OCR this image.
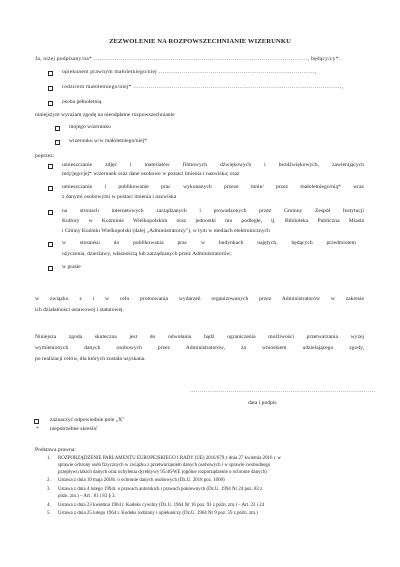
ZEZWOLENIE NA ROZPOWSZECHNIANIE WIZERUNKU
Ja, niżej podpisany/na* …………………………………………………………………………………………………, będący/cy*:
opiekunem prawnym małoletniego/niej ………………………………………………………………………,
rodzicem małoletniego/niej* ………………………………………………………………………………………………,
osoba pełnoletnią
niniejszym wyrażam zgodę na nieodpłatne rozpowszechnianie
mojego wizerunku
wizerunku w/w małoletniego/niej*
poprzez:
umieszczanie zdjęć i materiałów filmowych dźwiękowych i bezdźwiękowych, zawierających
mój/jego/jej* wizerunek oraz dane osobowe w postaci imienia i nazwiska; oraz
umieszczanie i publikowanie prac wykonanych przeze mnie/ przez małoletniego/nią* wraz
z danymi osobowymi w postaci imienia i nazwiska
na stronach internetowych zarządzanych i prowadzonych przez Gminny Zespół Instytucji
Kultury w Koźminie Wielkopolskim oraz jednostki mu podległe, tj. Biblioteka Publiczna Miasta
i Gminy Koźmin Wielkopolski (dalej „Administratorzy"), w tym w mediach elektronicznych
w stosunku do publikowania prac w budynkach najętych, będących przedmiotem
użyczenia, dzierżawy, własnością lub zarządzanych przez Administratorów;
w prasie
w związku z i w celu promowania wydarzeń organizowanych przez Administratorów w zakresie
ich działalności ustawowej i statutowej.
Niniejsza zgoda skuteczna jest do odwołania bądź ograniczenia możliwości przetwarzania wyżej
wymienionych danych osobowych przez Administratorów, za wnioskiem udzielającego zgody,
po realizacji celów, dla których została uzyskana.
……………………………………………………………………………………
data i podpis
zaznaczyć odpowiednie pole „X"
* niepotrzebne skreślić
Podstawa prawna:
1. ROZPORZĄDZENIE PARLAMENTU EUROPEJSKIEGO I RADY (UE) 2016/679 z dnia 27 kwietnia 2016 r. w
sprawie ochrony osób fizycznych w związku z przetwarzaniem danych osobowych i w sprawie swobodnego
przepływu takich danych oraz uchylenia dyrektywy 95/46/WE (ogólne rozporządzenie o ochronie danych)
2. Ustawa z dnia 10 maja 2018r. o ochronie danych osobowych (Dz.U. 2018 poz. 1000)
3. Ustawa z dnia 4 lutego 1994r. o prawach autorskich i prawach pokrewnych (Dz.U. 1994 Nr 24 poz. 83 z
późn. zm.) – Art . 81 i 83 § 3.
4. Ustawa z dnia 23 kwietnia 1964 r. Kodeks cywilny (Dz.U. 1964 Nr 16 poz. 93 z późn. zm.) – Art. 23 i 24
5. Ustawa z dnia 25 lutego 1964 r. Kodeks rodzinny i opiekuńczy (Dz.U. 1964 Nr 9 poz. 59 z późn. zm.)
